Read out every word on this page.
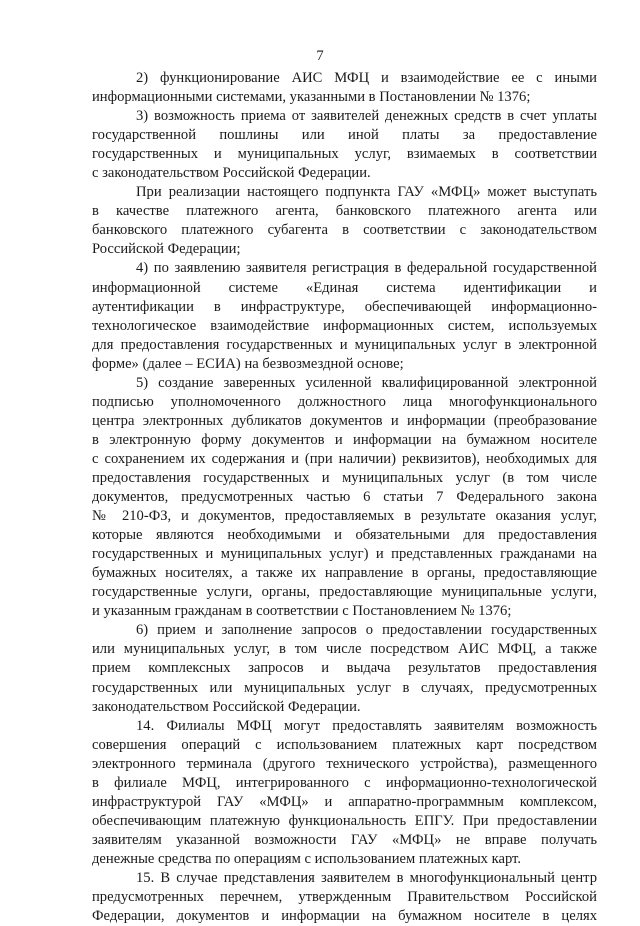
7
2) функционирование АИС МФЦ и взаимодействие ее с иными
информационными системами, указанными в Постановлении № 1376;
3) возможность приема от заявителей денежных средств в счет уплаты
государственной пошлины или иной платы за предоставление
государственных и муниципальных услуг, взимаемых в соответствии
с законодательством Российской Федерации.
При реализации настоящего подпункта ГАУ «МФЦ» может выступать
в качестве платежного агента, банковского платежного агента или
банковского платежного субагента в соответствии с законодательством
Российской Федерации;
4) по заявлению заявителя регистрация в федеральной государственной
информационной системе «Единая система идентификации и
аутентификации в инфраструктуре, обеспечивающей информационно-
технологическое взаимодействие информационных систем, используемых
для предоставления государственных и муниципальных услуг в электронной
форме» (далее – ЕСИА) на безвозмездной основе;
5) создание заверенных усиленной квалифицированной электронной
подписью уполномоченного должностного лица многофункционального
центра электронных дубликатов документов и информации (преобразование
в электронную форму документов и информации на бумажном носителе
с сохранением их содержания и (при наличии) реквизитов), необходимых для
предоставления государственных и муниципальных услуг (в том числе
документов, предусмотренных частью 6 статьи 7 Федерального закона
№ 210-ФЗ, и документов, предоставляемых в результате оказания услуг,
которые являются необходимыми и обязательными для предоставления
государственных и муниципальных услуг) и представленных гражданами на
бумажных носителях, а также их направление в органы, предоставляющие
государственные услуги, органы, предоставляющие муниципальные услуги,
и указанным гражданам в соответствии с Постановлением № 1376;
6) прием и заполнение запросов о предоставлении государственных
или муниципальных услуг, в том числе посредством АИС МФЦ, а также
прием комплексных запросов и выдача результатов предоставления
государственных или муниципальных услуг в случаях, предусмотренных
законодательством Российской Федерации.
14. Филиалы МФЦ могут предоставлять заявителям возможность
совершения операций с использованием платежных карт посредством
электронного терминала (другого технического устройства), размещенного
в филиале МФЦ, интегрированного с информационно-технологической
инфраструктурой ГАУ «МФЦ» и аппаратно-программным комплексом,
обеспечивающим платежную функциональность ЕПГУ. При предоставлении
заявителям указанной возможности ГАУ «МФЦ» не вправе получать
денежные средства по операциям с использованием платежных карт.
15. В случае представления заявителем в многофункциональный центр
предусмотренных перечнем, утвержденным Правительством Российской
Федерации, документов и информации на бумажном носителе в целях
